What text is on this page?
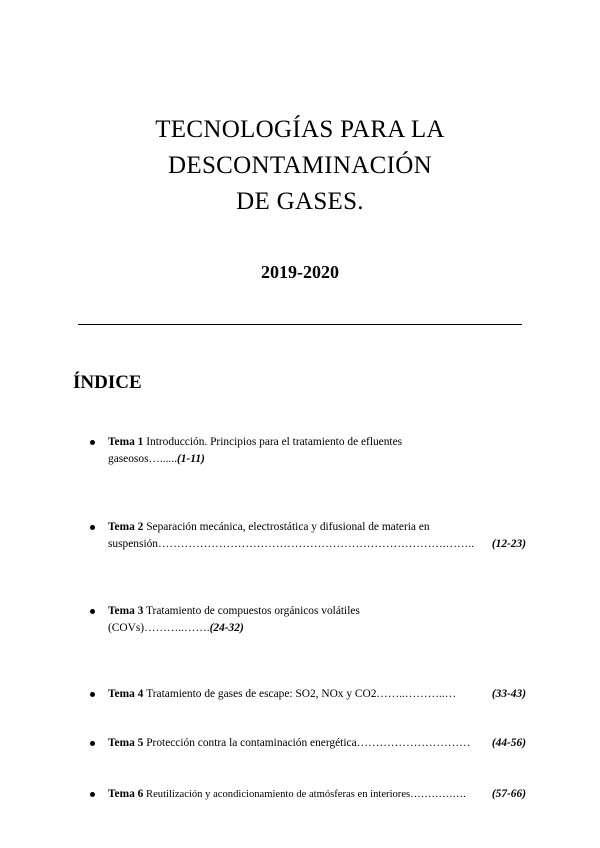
TECNOLOGÍAS PARA LA
DESCONTAMINACIÓN
DE GASES.
2019-2020
ÍNDICE
Tema 1 Introducción. Principios para el tratamiento de efluentes
gaseosos…......(1-11)
Tema 2 Separación mecánica, electrostática y difusional de materia en
suspensión ………………………………………………………………….……..	(12-23)
Tema 3 Tratamiento de compuestos orgánicos volátiles
(COVs)………..…….(24-32)
Tema 4
Tratamiento de gases de escape: SO2, NOx y CO2 ……..………..…	(33-43)
Tema 5
Protección contra la contaminación energética …………………………	(44-56)
Tema 6
Reutilización y acondicionamiento de atmósferas en interiores …………….	(57-66)
